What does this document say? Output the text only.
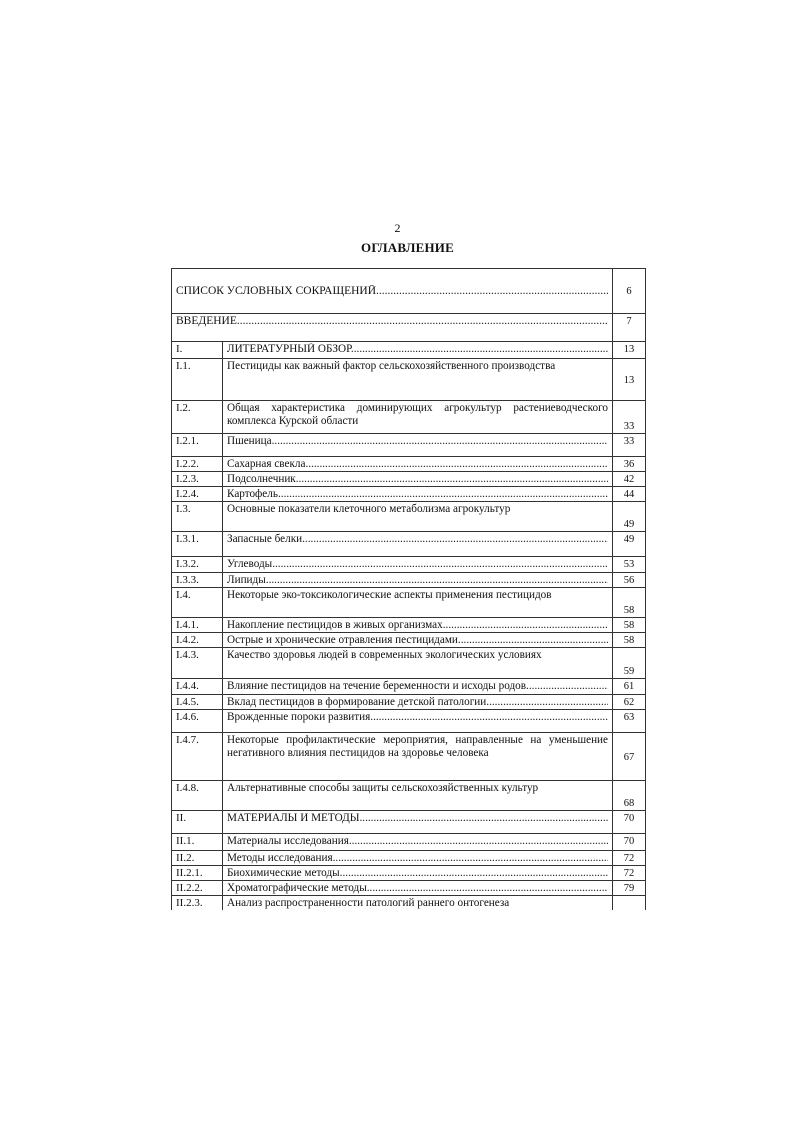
2
ОГЛАВЛЕНИЕ
СПИСОК УСЛОВНЫХ СОКРАЩЕНИЙ .....		6

ВВЕДЕНИЕ .....		7
I.	ЛИТЕРАТУРНЫЙ ОБЗОР .....	13
I.1.	Пестициды как важный фактор сельскохозяйственного производства	13
I.2.	Общая характеристика доминирующих агрокультур растениеводческого комплекса Курской области	33
I.2.1.	Пшеница .....	33
I.2.2.	Сахарная свекла .....	36
I.2.3.	Подсолнечник .....	42
I.2.4.	Картофель .....	44
I.3.	Основные показатели клеточного метаболизма агрокультур	49
I.3.1.	Запасные белки .....	49
I.3.2.	Углеводы .....	53
I.3.3.	Липиды .....	56
I.4.	Некоторые эко-токсикологические аспекты применения пестицидов	58
I.4.1.	Накопление пестицидов в живых организмах .....	58
I.4.2.	Острые и хронические отравления пестицидами .....	58
I.4.3.	Качество здоровья людей в современных экологических условиях	59
I.4.4.	Влияние пестицидов на течение беременности и исходы родов .....	61
I.4.5.	Вклад пестицидов в формирование детской патологии .....	62
I.4.6.	Врожденные пороки развития .....	63
I.4.7.	Некоторые профилактические мероприятия, направленные на уменьшение негативного влияния пестицидов на здоровье человека	67
I.4.8.	Альтернативные способы защиты сельскохозяйственных культур	68
II.	МАТЕРИАЛЫ И МЕТОДЫ .....	70
II.1.	Материалы исследования .....	70
II.2.	Методы исследования .....	72
II.2.1.	Биохимические методы .....	72
II.2.2.	Хроматографические методы .....	79
II.2.3.	Анализ распространенности патологий раннего онтогенеза	
